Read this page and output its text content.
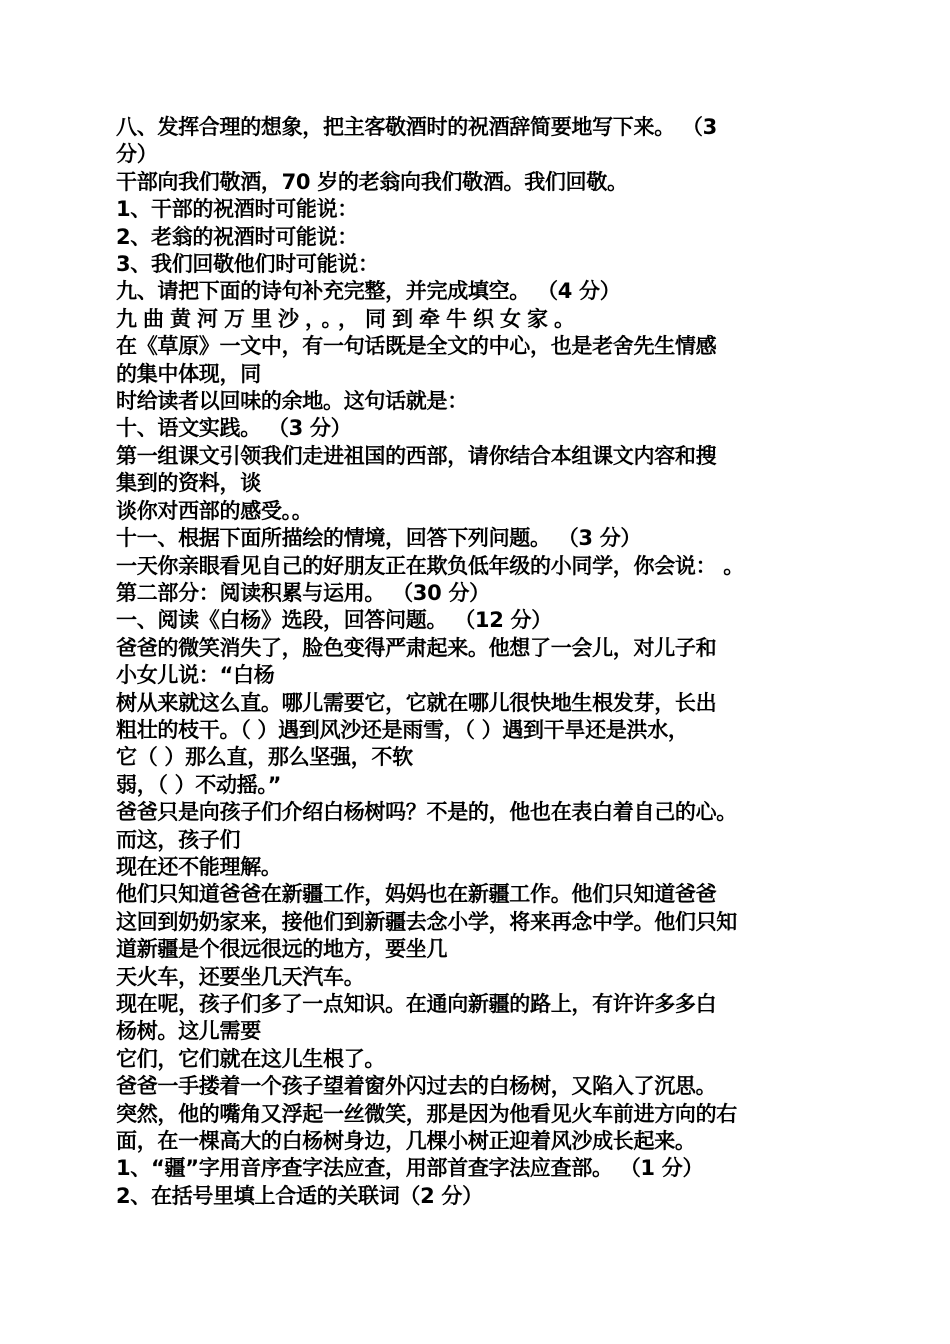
八、发挥合理的想象，把主客敬酒时的祝酒辞简要地写下来。 （3

分）

干部向我们敬酒，70 岁的老翁向我们敬酒。我们回敬。

1、干部的祝酒时可能说：

2、老翁的祝酒时可能说：

3、我们回敬他们时可能说：

九、请把下面的诗句补充完整，并完成填空。 （4 分）

九曲黄河万里沙，。，同到牵牛织女家。

在《草原》一文中，有一句话既是全文的中心，也是老舍先生情感

的集中体现，同

时给读者以回味的余地。这句话就是：

十、语文实践。 （3 分）

第一组课文引领我们走进祖国的西部，请你结合本组课文内容和搜

集到的资料，谈

谈你对西部的感受。。

十一、根据下面所描绘的情境，回答下列问题。 （3 分）

一天你亲眼看见自己的好朋友正在欺负低年级的小同学，你会说： 。

第二部分：阅读积累与运用。 （30 分）

一、阅读《白杨》选段，回答问题。 （12 分）

爸爸的微笑消失了，脸色变得严肃起来。他想了一会儿，对儿子和

小女儿说：“白杨

树从来就这么直。哪儿需要它，它就在哪儿很快地生根发芽，长出

粗壮的枝干。（ ）遇到风沙还是雨雪，（ ）遇到干旱还是洪水，

它（ ）那么直，那么坚强，不软

弱，（ ）不动摇。”

爸爸只是向孩子们介绍白杨树吗？不是的，他也在表白着自己的心。

而这，孩子们

现在还不能理解。

他们只知道爸爸在新疆工作，妈妈也在新疆工作。他们只知道爸爸

这回到奶奶家来，接他们到新疆去念小学，将来再念中学。他们只知

道新疆是个很远很远的地方，要坐几

天火车，还要坐几天汽车。

现在呢，孩子们多了一点知识。在通向新疆的路上，有许许多多白

杨树。这儿需要

它们，它们就在这儿生根了。

爸爸一手搂着一个孩子望着窗外闪过去的白杨树，又陷入了沉思。

突然，他的嘴角又浮起一丝微笑，那是因为他看见火车前进方向的右

面，在一棵高大的白杨树身边，几棵小树正迎着风沙成长起来。

1、“疆”字用音序查字法应查，用部首查字法应查部。 （1 分）

2、在括号里填上合适的关联词（2 分）
